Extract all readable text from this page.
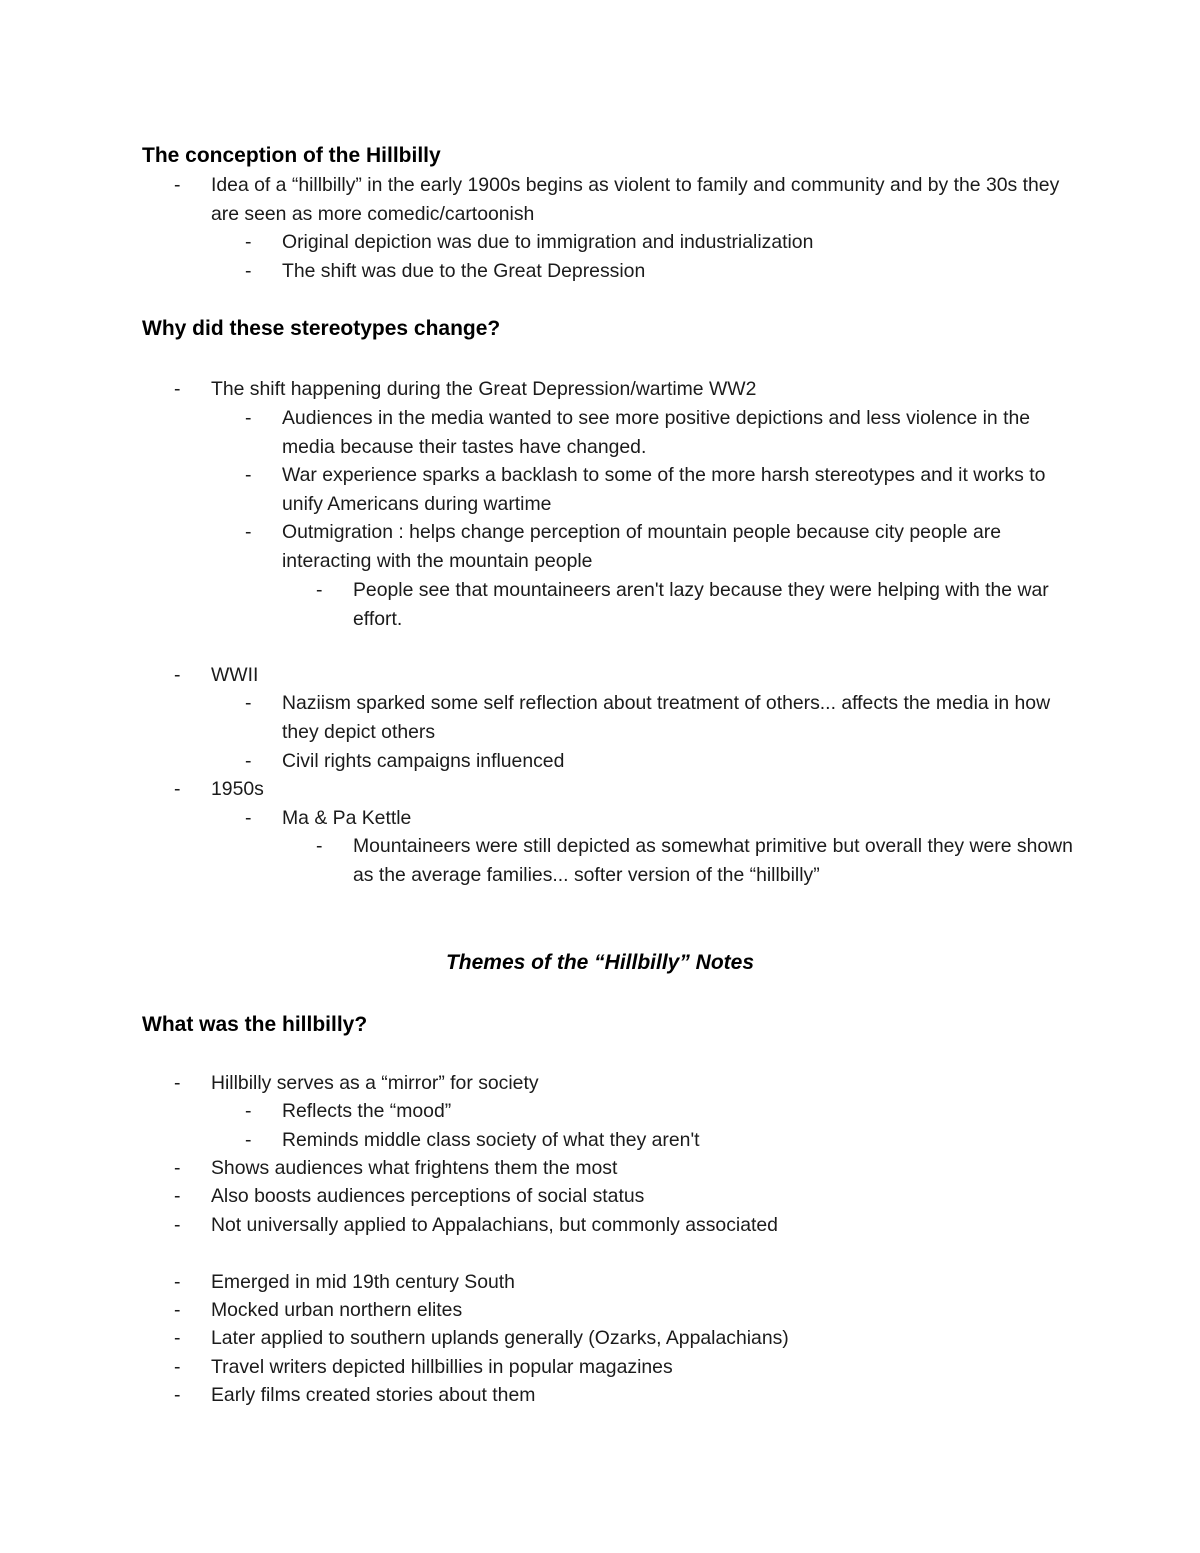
The conception of the Hillbilly
- Idea of a “hillbilly” in the early 1900s begins as violent to family and community and by the 30s they are seen as more comedic/cartoonish
- Original depiction was due to immigration and industrialization
- The shift was due to the Great Depression
Why did these stereotypes change?
- The shift happening during the Great Depression/wartime WW2
- Audiences in the media wanted to see more positive depictions and less violence in the media because their tastes have changed.
- War experience sparks a backlash to some of the more harsh stereotypes and it works to unify Americans during wartime
- Outmigration : helps change perception of mountain people because city people are interacting with the mountain people
- People see that mountaineers aren't lazy because they were helping with the war effort.
- WWII
- Naziism sparked some self reflection about treatment of others... affects the media in how they depict others
- Civil rights campaigns influenced
- 1950s
- Ma & Pa Kettle
- Mountaineers were still depicted as somewhat primitive but overall they were shown as the average families... softer version of the “hillbilly”
Themes of the “Hillbilly” Notes
What was the hillbilly?
- Hillbilly serves as a “mirror” for society
- Reflects the “mood”
- Reminds middle class society of what they aren't
- Shows audiences what frightens them the most
- Also boosts audiences perceptions of social status
- Not universally applied to Appalachians, but commonly associated
- Emerged in mid 19th century South
- Mocked urban northern elites
- Later applied to southern uplands generally (Ozarks, Appalachians)
- Travel writers depicted hillbillies in popular magazines
- Early films created stories about them
